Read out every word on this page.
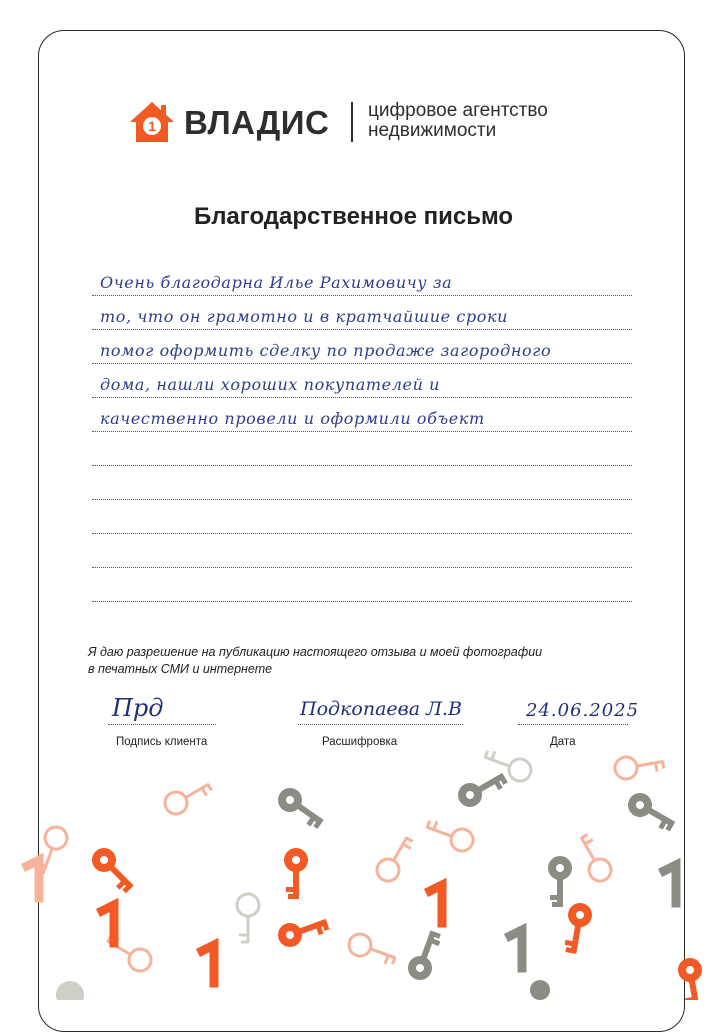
1 ВЛАДИС цифровое агентство
недвижимости
Благодарственное письмо
Очень благодарна Илье Рахимовичу за
то, что он грамотно и в кратчайшие сроки
помог оформить сделку по продаже загородного
дома, нашли хороших покупателей и
качественно провели и оформили объект
Я даю разрешение на публикацию настоящего отзыва и моей фотографии
в печатных СМИ и интернете
Прд
Подпись клиента
Подкопаева Л.В
Расшифровка
24.06.2025
Дата
